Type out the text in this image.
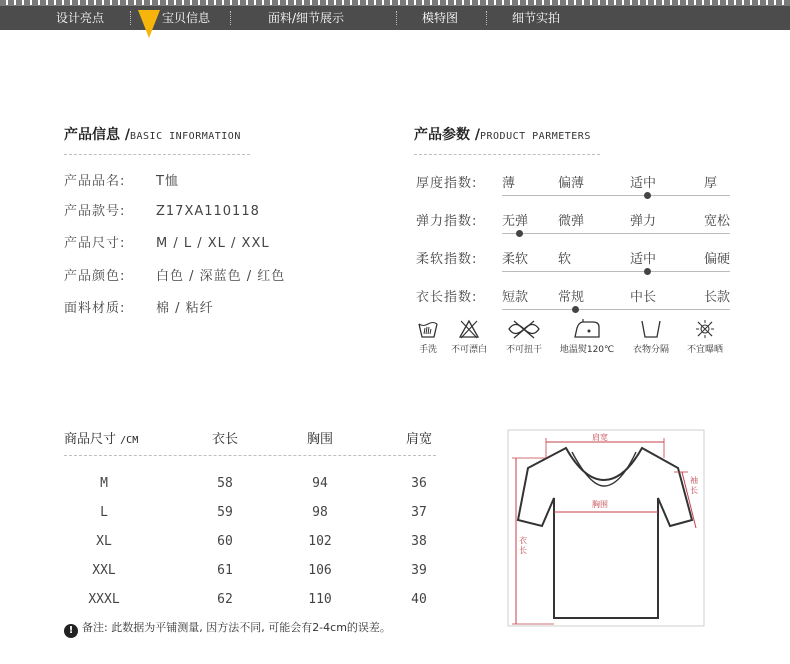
设计亮点	宝贝信息	面料/细节展示	模特图	细节实拍
产品信息 /BASIC INFORMATION
产品品名: T恤
产品款号: Z17XA110118
产品尺寸: M / L / XL / XXL
产品颜色: 白色 / 深蓝色 / 红色
面料材质: 棉 / 粘纤
产品参数 /PRODUCT PARMETERS
厚度指数: 薄	偏薄	适中	厚
弹力指数: 无弹 微弹	弹力	宽松
柔软指数: 柔软 软	适中	偏硬
衣长指数: 短款 常规	中长	长款
手洗	不可漂白	不可扭干	地温熨120℃	衣物分隔	不宜曝晒
商品尺寸 /CM	衣长	胸围	肩宽
M	58	94	36
L	59	98	37
XL	60	102	38
XXL	61	106	39
XXXL	62	110	40
! 备注: 此数据为平铺测量, 因方法不同, 可能会有2-4cm的误差。
肩宽
胸围
袖长
衣长
